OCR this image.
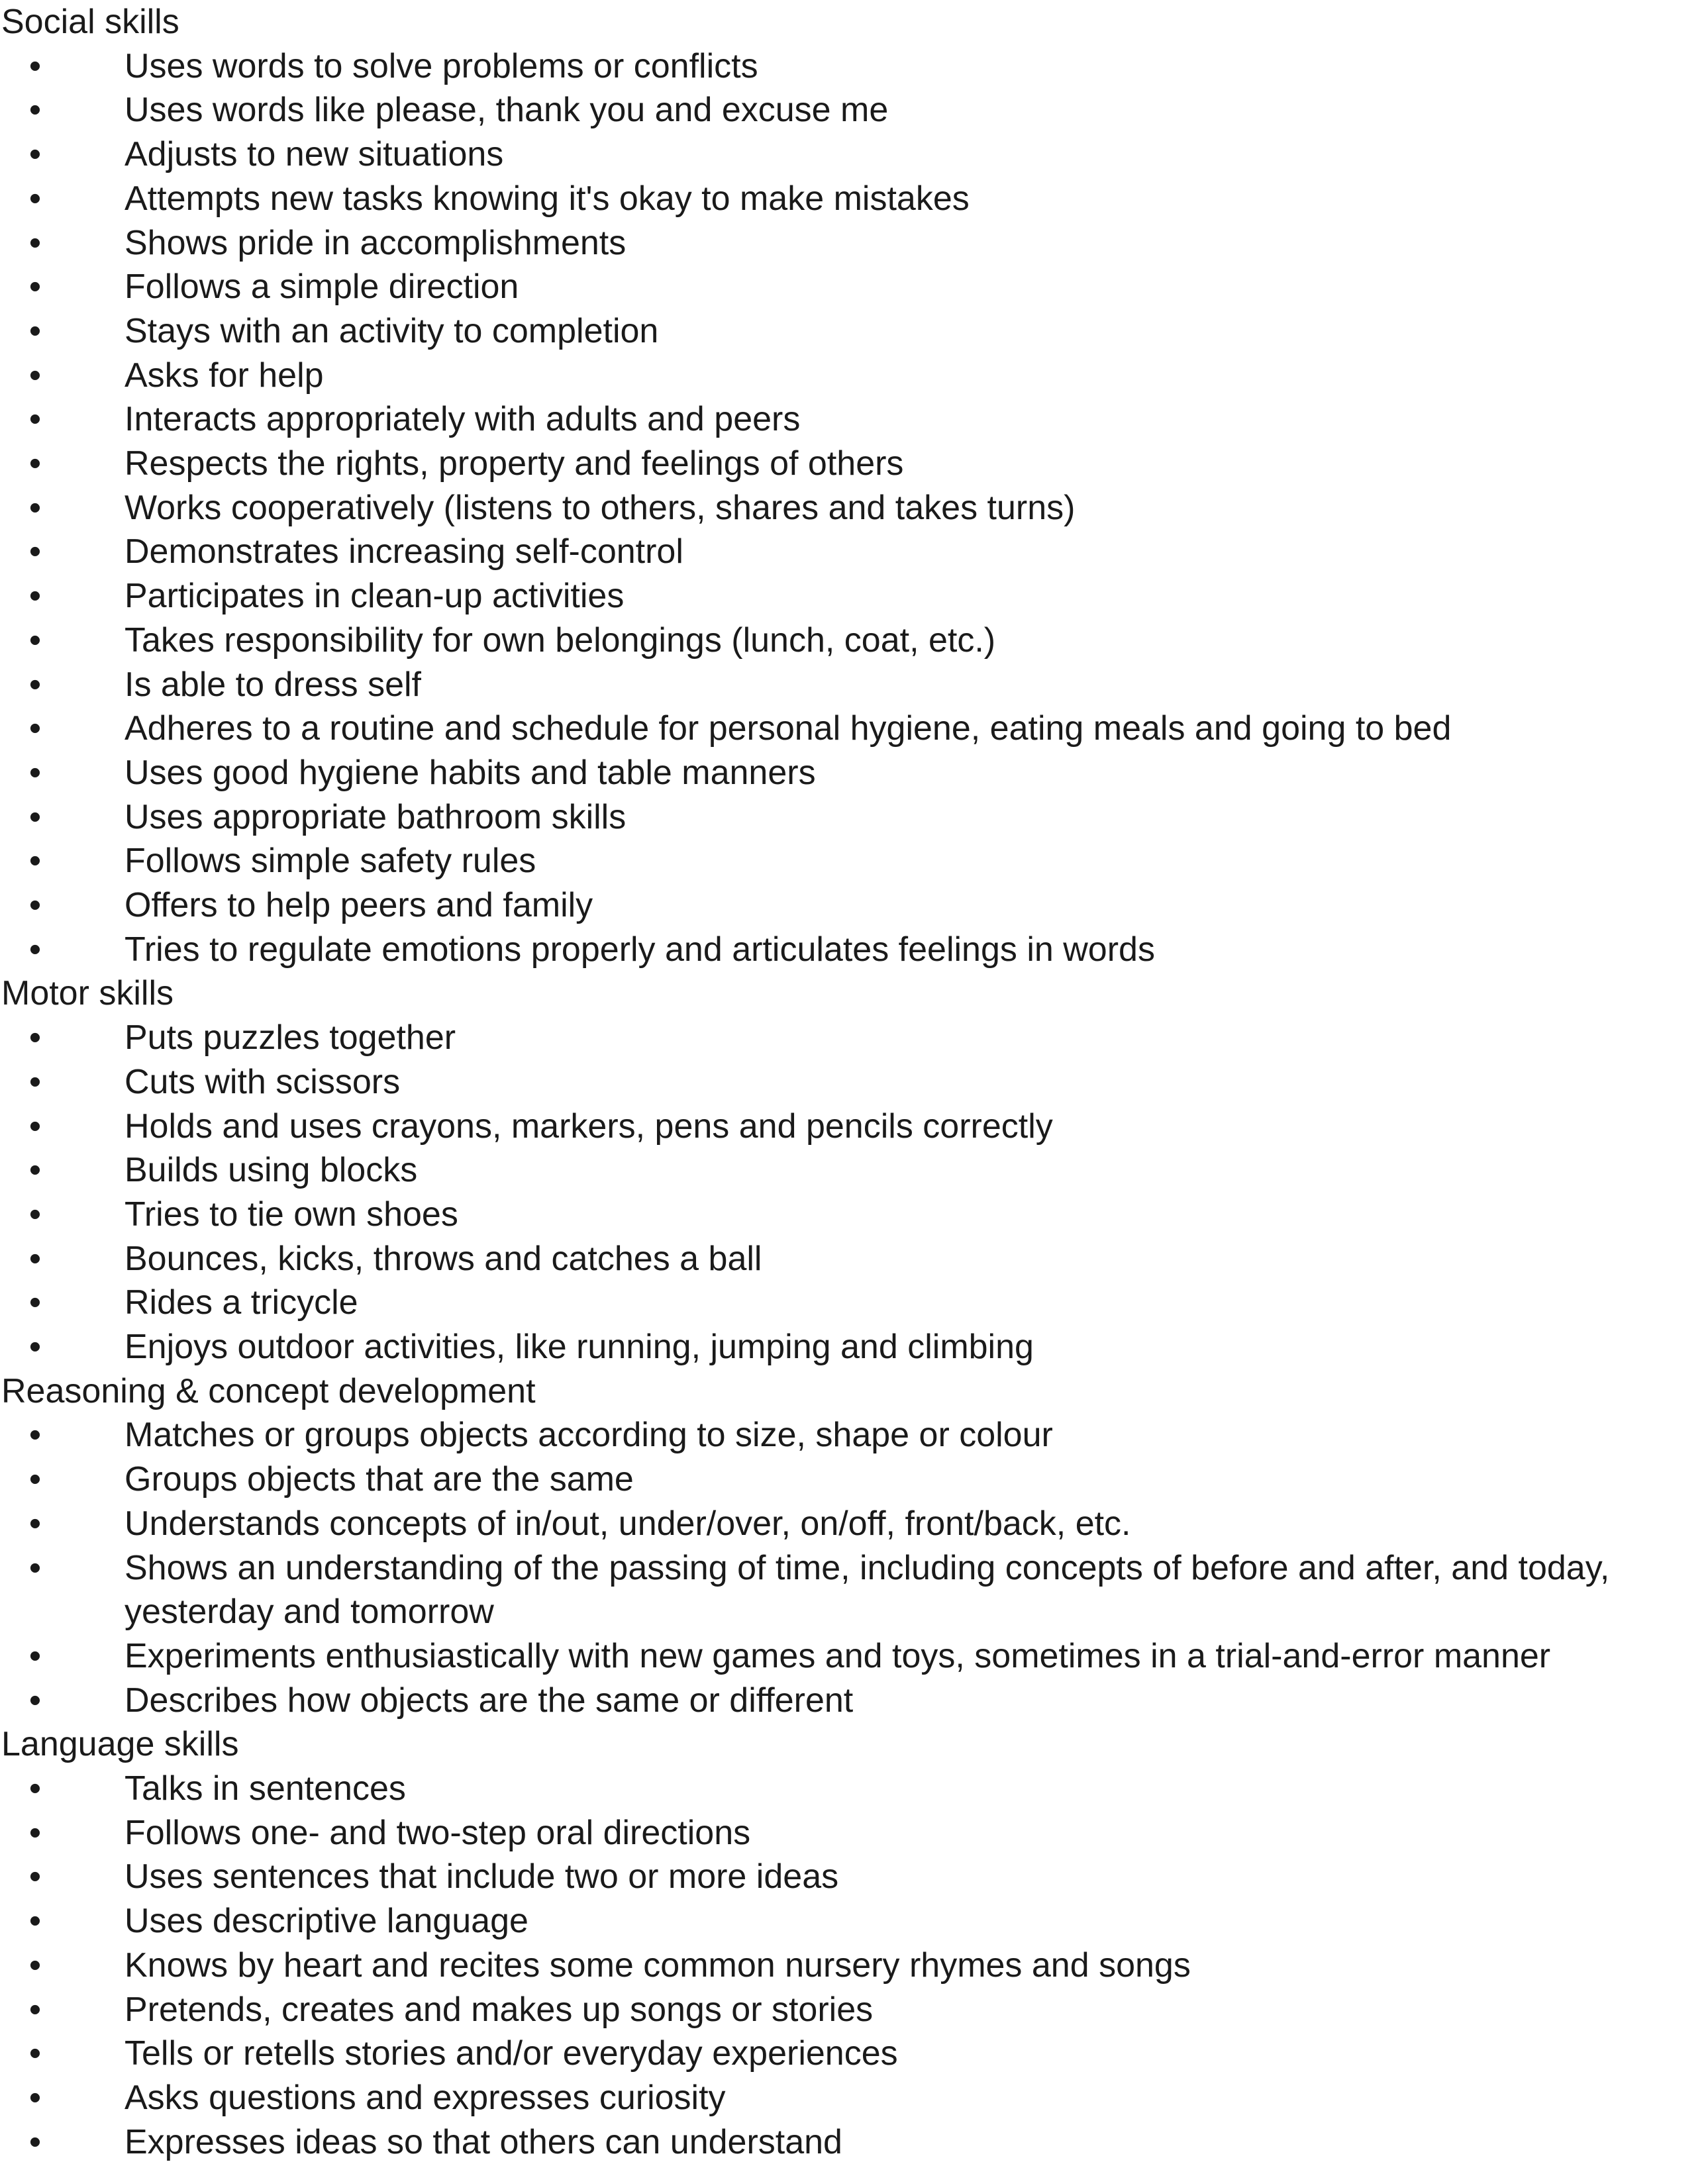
Social skills
• Uses words to solve problems or conflicts
• Uses words like please, thank you and excuse me
• Adjusts to new situations
• Attempts new tasks knowing it's okay to make mistakes
• Shows pride in accomplishments
• Follows a simple direction
• Stays with an activity to completion
• Asks for help
• Interacts appropriately with adults and peers
• Respects the rights, property and feelings of others
• Works cooperatively (listens to others, shares and takes turns)
• Demonstrates increasing self-control
• Participates in clean-up activities
• Takes responsibility for own belongings (lunch, coat, etc.)
• Is able to dress self
• Adheres to a routine and schedule for personal hygiene, eating meals and going to bed
• Uses good hygiene habits and table manners
• Uses appropriate bathroom skills
• Follows simple safety rules
• Offers to help peers and family
• Tries to regulate emotions properly and articulates feelings in words
Motor skills
• Puts puzzles together
• Cuts with scissors
• Holds and uses crayons, markers, pens and pencils correctly
• Builds using blocks
• Tries to tie own shoes
• Bounces, kicks, throws and catches a ball
• Rides a tricycle
• Enjoys outdoor activities, like running, jumping and climbing
Reasoning & concept development
• Matches or groups objects according to size, shape or colour
• Groups objects that are the same
• Understands concepts of in/out, under/over, on/off, front/back, etc.
• Shows an understanding of the passing of time, including concepts of before and after, and today, yesterday and tomorrow
• Experiments enthusiastically with new games and toys, sometimes in a trial-and-error manner
• Describes how objects are the same or different
Language skills
• Talks in sentences
• Follows one- and two-step oral directions
• Uses sentences that include two or more ideas
• Uses descriptive language
• Knows by heart and recites some common nursery rhymes and songs
• Pretends, creates and makes up songs or stories
• Tells or retells stories and/or everyday experiences
• Asks questions and expresses curiosity
• Expresses ideas so that others can understand
